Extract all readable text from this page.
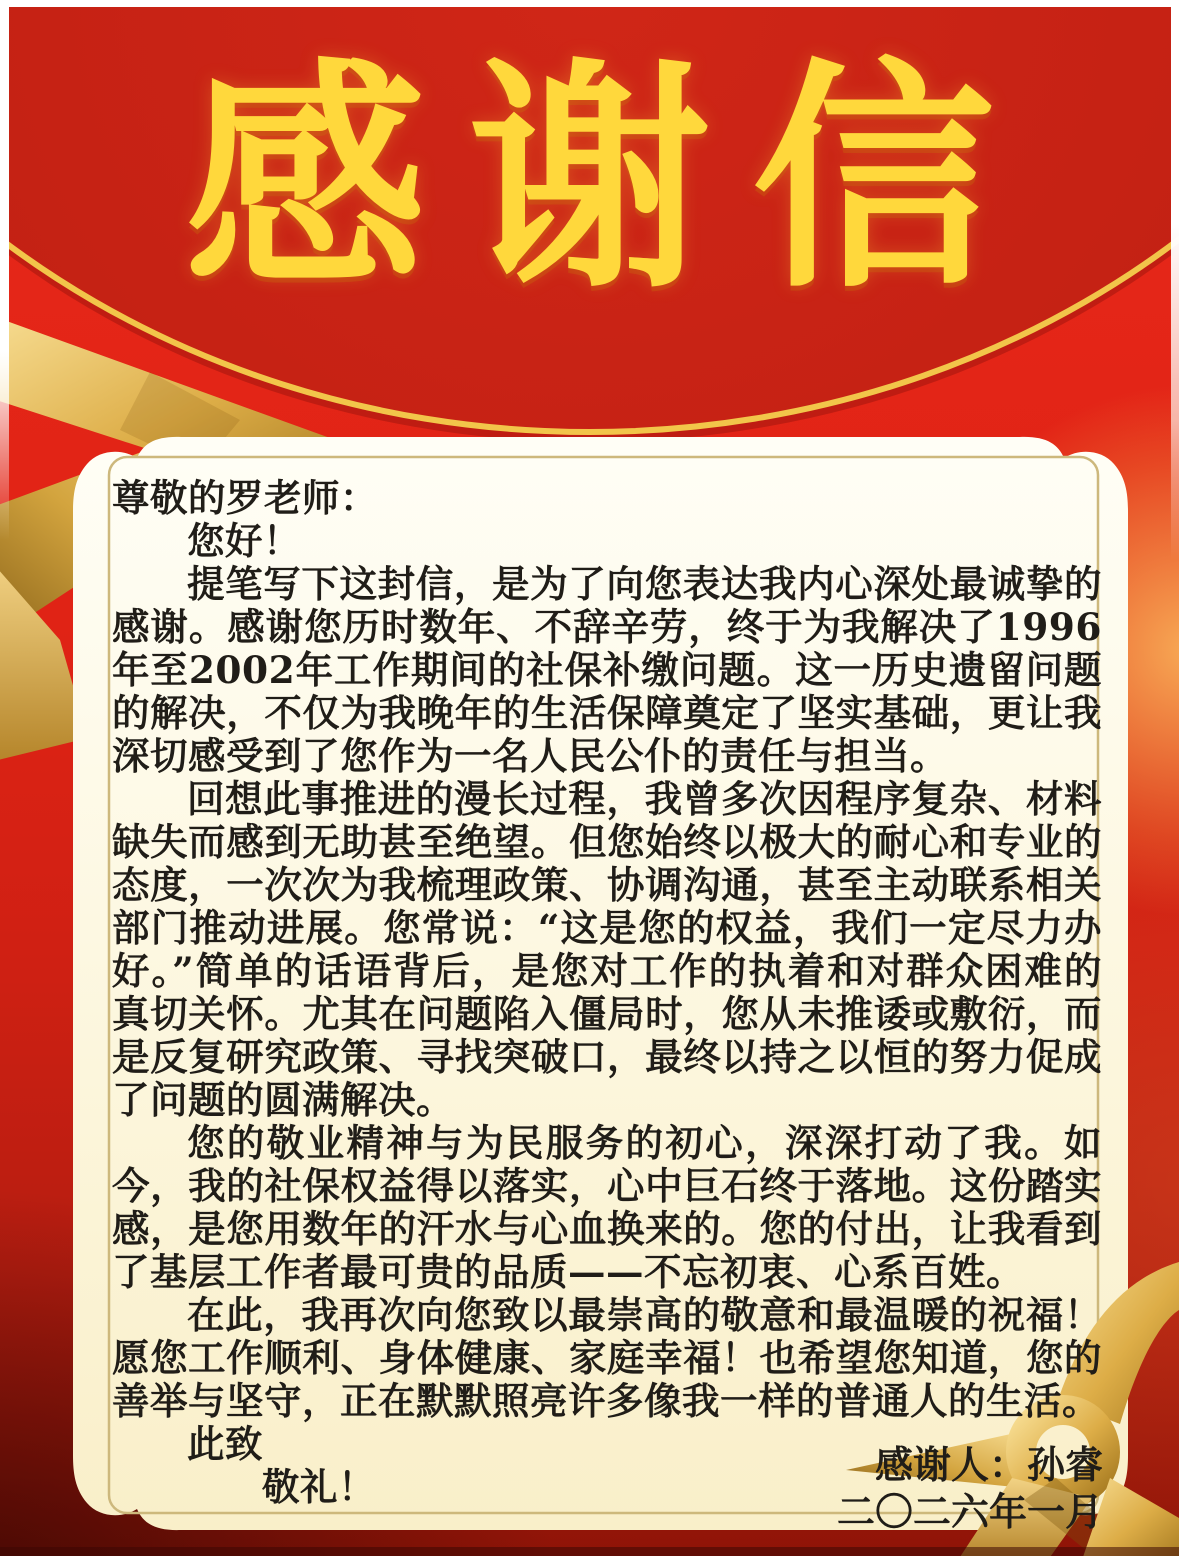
感谢信

尊敬的罗老师：

您好！

提笔写下这封信，是为了向您表达我内心深处最诚挚的感谢。感谢您历时数年、不辞辛劳，终于为我解决了1996年至2002年工作期间的社保补缴问题。这一历史遗留问题的解决，不仅为我晚年的生活保障奠定了坚实基础，更让我深切感受到了您作为一名人民公仆的责任与担当。

回想此事推进的漫长过程，我曾多次因程序复杂、材料缺失而感到无助甚至绝望。但您始终以极大的耐心和专业的态度，一次次为我梳理政策、协调沟通，甚至主动联系相关部门推动进展。您常说：“这是您的权益，我们一定尽力办好。”简单的话语背后，是您对工作的执着和对群众困难的真切关怀。尤其在问题陷入僵局时，您从未推诿或敷衍，而是反复研究政策、寻找突破口，最终以持之以恒的努力促成了问题的圆满解决。

您的敬业精神与为民服务的初心，深深打动了我。如今，我的社保权益得以落实，心中巨石终于落地。这份踏实感，是您用数年的汗水与心血换来的。您的付出，让我看到了基层工作者最可贵的品质——不忘初衷、心系百姓。

在此，我再次向您致以最崇高的敬意和最温暖的祝福！愿您工作顺利、身体健康、家庭幸福！也希望您知道，您的善举与坚守，正在默默照亮许多像我一样的普通人的生活。

此致

敬礼！	感谢人：孙睿
二〇二六年一月
